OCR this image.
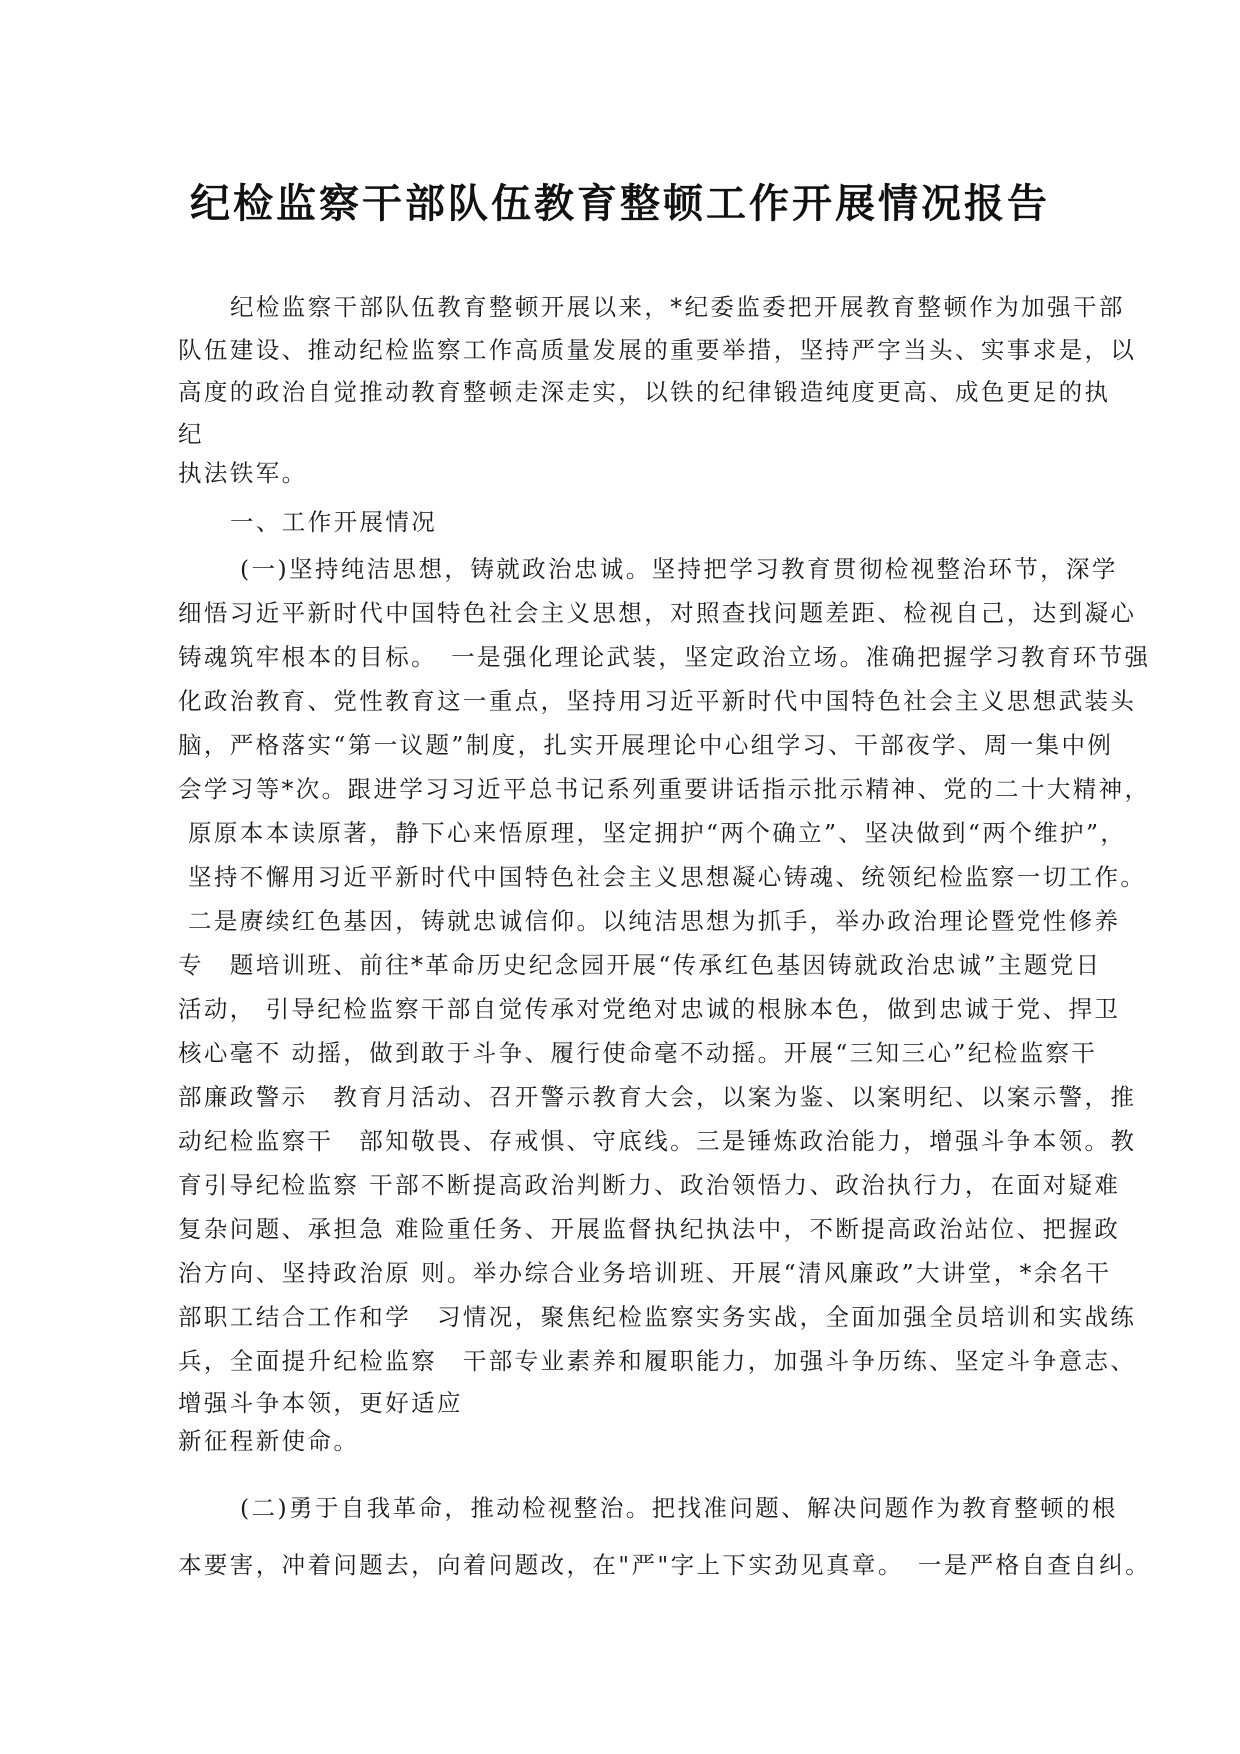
纪检监察干部队伍教育整顿工作开展情况报告

纪检监察干部队伍教育整顿开展以来，*纪委监委把开展教育整顿作为加强干部

队伍建设、推动纪检监察工作高质量发展的重要举措，坚持严字当头、实事求是，以

高度的政治自觉推动教育整顿走深走实，以铁的纪律锻造纯度更高、成色更足的执

纪

执法铁军。

一、工作开展情况

(一)坚持纯洁思想，铸就政治忠诚。坚持把学习教育贯彻检视整治环节，深学

细悟习近平新时代中国特色社会主义思想，对照查找问题差距、检视自己，达到凝心

铸魂筑牢根本的目标。　一是强化理论武装，坚定政治立场。准确把握学习教育环节强

化政治教育、党性教育这一重点，坚持用习近平新时代中国特色社会主义思想武装头

脑，严格落实“第一议题”制度，扎实开展理论中心组学习、干部夜学、周一集中例

会学习等*次。跟进学习习近平总书记系列重要讲话指示批示精神、党的二十大精神，

原原本本读原著，静下心来悟原理，坚定拥护“两个确立”、坚决做到“两个维护”，

坚持不懈用习近平新时代中国特色社会主义思想凝心铸魂、统领纪检监察一切工作。

二是赓续红色基因，铸就忠诚信仰。以纯洁思想为抓手，举办政治理论暨党性修养

专　题培训班、前往*革命历史纪念园开展“传承红色基因铸就政治忠诚”主题党日

活动， 引导纪检监察干部自觉传承对党绝对忠诚的根脉本色，做到忠诚于党、捍卫

核心毫不 动摇，做到敢于斗争、履行使命毫不动摇。开展“三知三心”纪检监察干

部廉政警示　教育月活动、召开警示教育大会，以案为鉴、以案明纪、以案示警，推

动纪检监察干　部知敬畏、存戒惧、守底线。三是锤炼政治能力，增强斗争本领。教

育引导纪检监察 干部不断提高政治判断力、政治领悟力、政治执行力，在面对疑难

复杂问题、承担急 难险重任务、开展监督执纪执法中，不断提高政治站位、把握政

治方向、坚持政治原 则。举办综合业务培训班、开展“清风廉政”大讲堂，*余名干

部职工结合工作和学　习情况，聚焦纪检监察实务实战，全面加强全员培训和实战练

兵，全面提升纪检监察　干部专业素养和履职能力，加强斗争历练、坚定斗争意志、

增强斗争本领，更好适应

新征程新使命。

(二)勇于自我革命，推动检视整治。把找准问题、解决问题作为教育整顿的根

本要害，冲着问题去，向着问题改，在"严"字上下实劲见真章。　一是严格自查自纠。
